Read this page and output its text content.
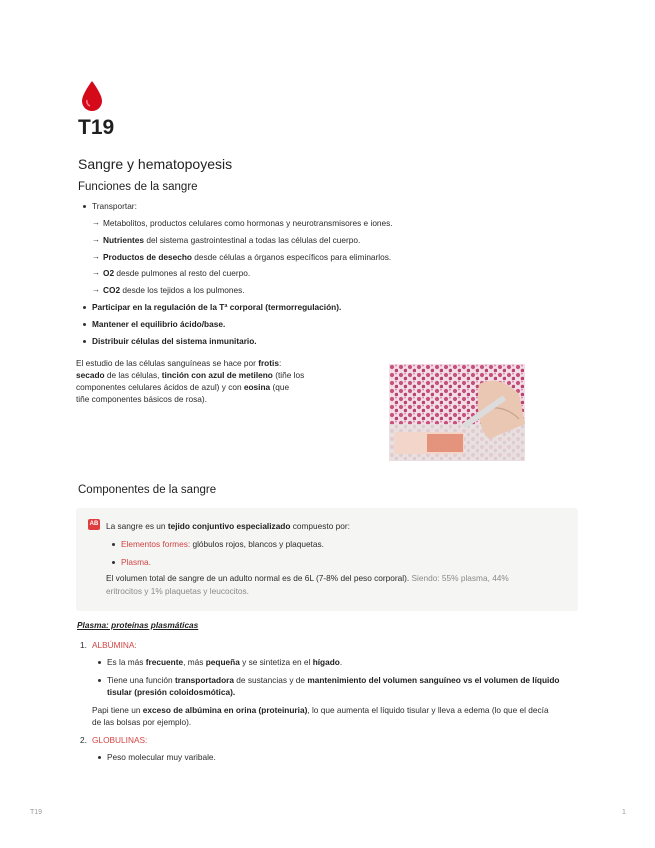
T19
Sangre y hematopoyesis
Funciones de la sangre
Transportar:
→ Metabolitos, productos celulares como hormonas y neurotransmisores e iones.
→ Nutrientes del sistema gastrointestinal a todas las células del cuerpo.
→ Productos de desecho desde células a órganos específicos para eliminarlos.
→ O2 desde pulmones al resto del cuerpo.
→ CO2 desde los tejidos a los pulmones.
Participar en la regulación de la Tª corporal (termorregulación).
Mantener el equilibrio ácido/base.
Distribuir células del sistema inmunitario.
El estudio de las células sanguíneas se hace por frotis:
secado de las células, tinción con azul de metileno (tiñe los
componentes celulares ácidos de azul) y con eosina (que
tiñe componentes básicos de rosa).
Componentes de la sangre
AB La sangre es un tejido conjuntivo especializado compuesto por:
Elementos formes: glóbulos rojos, blancos y plaquetas.
Plasma.
El volumen total de sangre de un adulto normal es de 6L (7-8% del peso corporal). Siendo: 55% plasma, 44%
eritrocitos y 1% plaquetas y leucocitos.
Plasma: proteínas plasmáticas
1. ALBÚMINA:
Es la más frecuente, más pequeña y se sintetiza en el hígado.
Tiene una función transportadora de sustancias y de mantenimiento del volumen sanguíneo vs el volumen de líquido
tisular (presión coloidosmótica).
Papi tiene un exceso de albúmina en orina (proteinuria), lo que aumenta el líquido tisular y lleva a edema (lo que el decía
de las bolsas por ejemplo).
2. GLOBULINAS:
Peso molecular muy varibale.
T19	1
